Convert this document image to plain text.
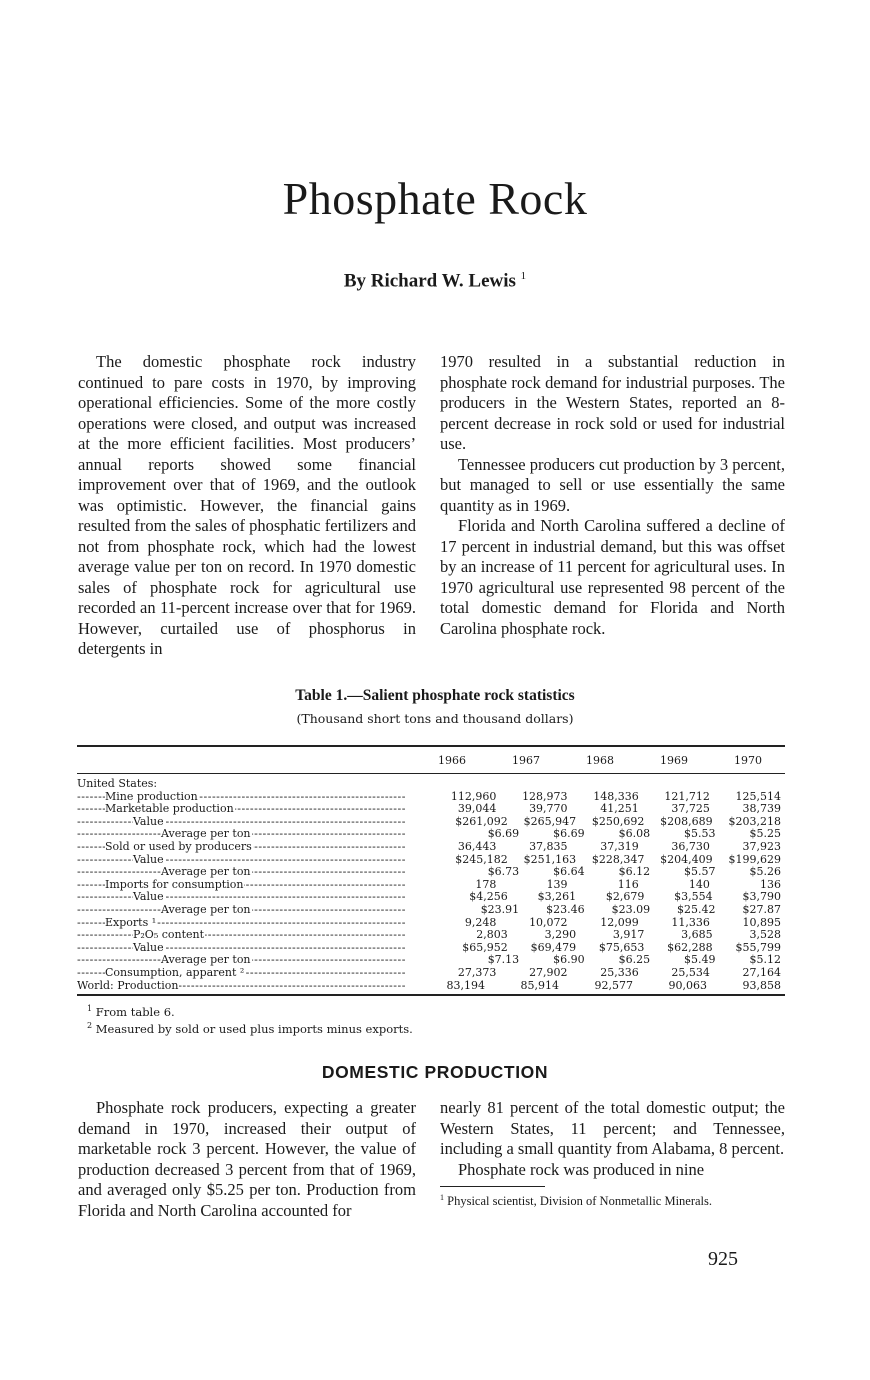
Phosphate Rock
By Richard W. Lewis $^1$

The domestic phosphate rock industry continued to pare costs in 1970, by improving operational efficiencies. Some of the more costly operations were closed, and output was increased at the more efficient facilities. Most producers’ annual reports showed some financial improvement over that of 1969, and the outlook was optimistic. However, the financial gains resulted from the sales of phosphatic fertilizers and not from phosphate rock, which had the lowest average value per ton on record. In 1970 domestic sales of phosphate rock for agricultural use recorded an 11-percent increase over that for 1969. However, curtailed use of phosphorus in detergents in

1970 resulted in a substantial reduction in phosphate rock demand for industrial purposes. The producers in the Western States, reported an 8-percent decrease in rock sold or used for industrial use.

Tennessee producers cut production by 3 percent, but managed to sell or use essentially the same quantity as in 1969.

Florida and North Carolina suffered a decline of 17 percent in industrial demand, but this was offset by an increase of 11 percent for agricultural uses. In 1970 agricultural use represented 98 percent of the total domestic demand for Florida and North Carolina phosphate rock.

Table 1.—Salient phosphate rock statistics
(Thousand short tons and thousand dollars)
1966	1967	1968	1969	1970
United States:
Mine production -----	112,960	128,973	148,336	121,712	125,514
Marketable production -----	39,044	39,770	41,251	37,725	38,739
Value -----	$261,092	$265,947	$250,692	$208,689	$203,218
Average per ton -----	$6.69	$6.69	$6.08	$5.53	$5.25
Sold or used by producers -----	36,443	37,835	37,319	36,730	37,923
Value -----	$245,182	$251,163	$228,347	$204,409	$199,629
Average per ton -----	$6.73	$6.64	$6.12	$5.57	$5.26
Imports for consumption -----	178	139	116	140	136
Value -----	$4,256	$3,261	$2,679	$3,554	$3,790
Average per ton -----	$23.91	$23.46	$23.09	$25.42	$27.87
Exports ¹ -----	9,248	10,072	12,099	11,336	10,895
P₂O₅ content -----	2,803	3,290	3,917	3,685	3,528
Value -----	$65,952	$69,479	$75,653	$62,288	$55,799
Average per ton -----	$7.13	$6.90	$6.25	$5.49	$5.12
Consumption, apparent ² -----	27,373	27,902	25,336	25,534	27,164
World: Production -----	83,194	85,914	92,577	90,063	93,858
$^1$ From table 6.
$^2$ Measured by sold or used plus imports minus exports.
DOMESTIC PRODUCTION

Phosphate rock producers, expecting a greater demand in 1970, increased their output of marketable rock 3 percent. However, the value of production decreased 3 percent from that of 1969, and averaged only $5.25 per ton. Production from Florida and North Carolina accounted for

nearly 81 percent of the total domestic output; the Western States, 11 percent; and Tennessee, including a small quantity from Alabama, 8 percent.

Phosphate rock was produced in nine

$^1$ Physical scientist, Division of Nonmetallic Minerals.
925
